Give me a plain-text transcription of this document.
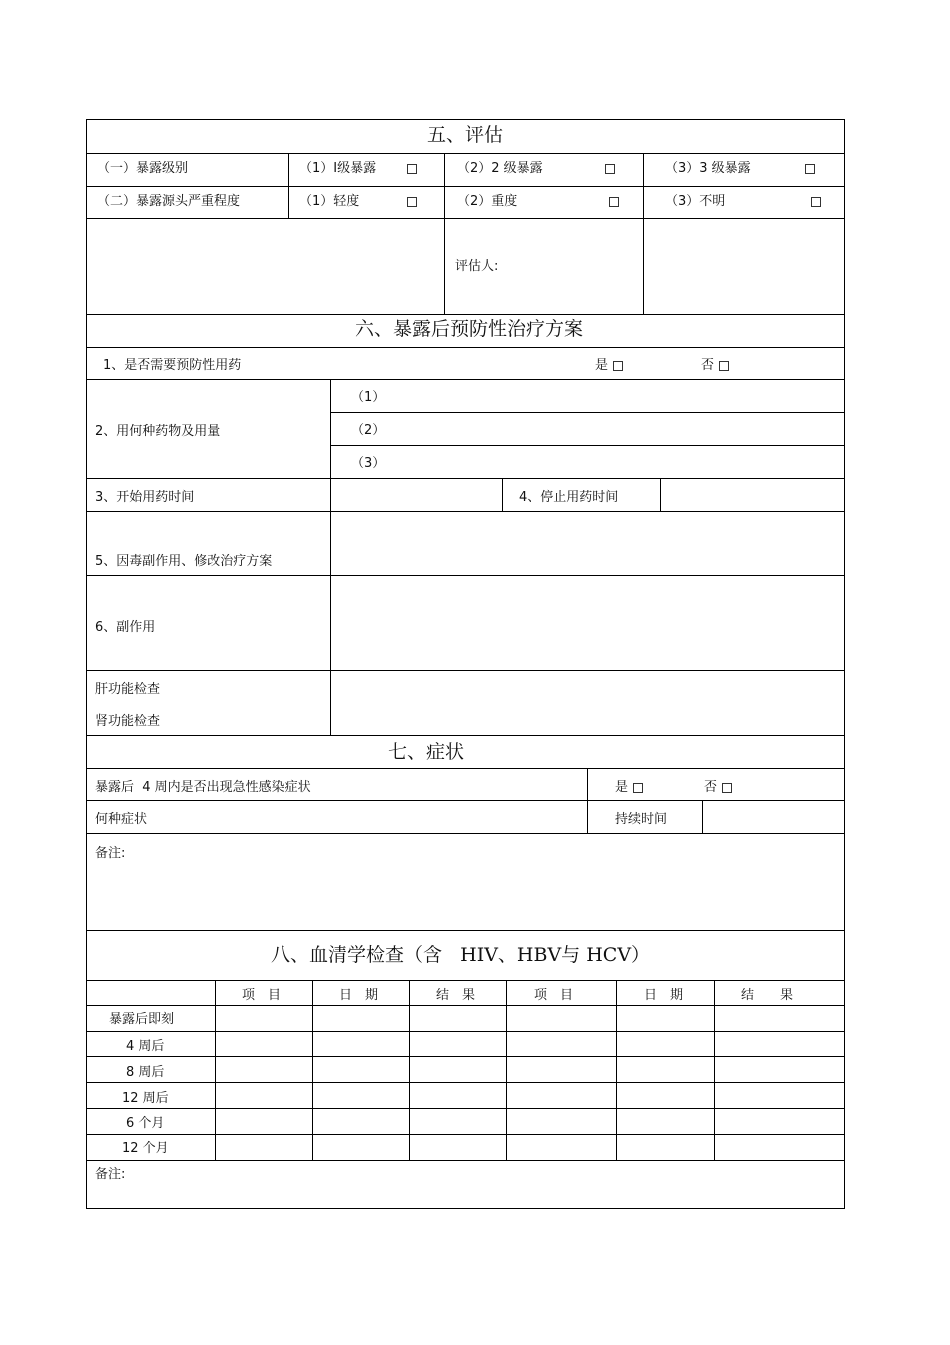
五、评估
（一）暴露级别	（1）Ⅰ级暴露	（2）2 级暴露	（3）3 级暴露
（二）暴露源头严重程度	（1）轻度	（2）重度	（3）不明
评估人:
六、暴露后预防性治疗方案
1、是否需要预防性用药	是	否
2、用何种药物及用量
（1）
（2）
（3）
3、开始用药时间	4、停止用药时间
5、因毒副作用、修改治疗方案
6、副作用
肝功能检查
肾功能检查
七、症状
暴露后  4 周内是否出现急性感染症状	是	否
何种症状	持续时间
备注:
八、血清学检查（含   HIV、HBV与 HCV）
项　目	日　期	结　果	项　目	日　期	结　　果
暴露后即刻
4 周后
8 周后
12 周后
6 个月
12 个月
备注:
